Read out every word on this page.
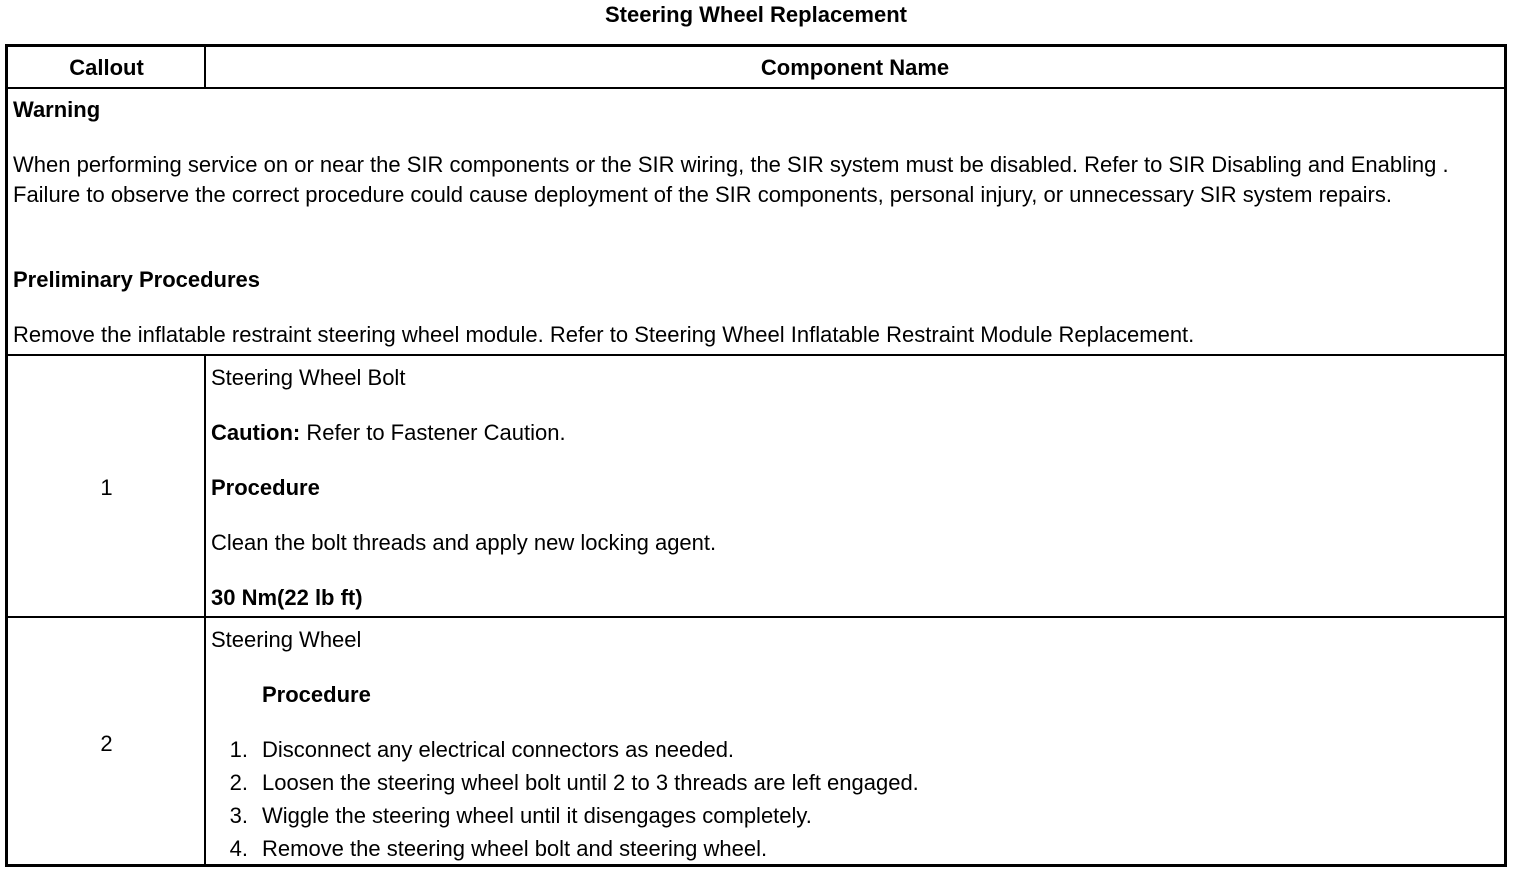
Steering Wheel Replacement
Callout	Component Name
Warning
When performing service on or near the SIR components or the SIR wiring, the SIR system must be disabled. Refer to SIR Disabling and Enabling . Failure to observe the correct procedure could cause deployment of the SIR components, personal injury, or unnecessary SIR system repairs.
Preliminary Procedures
Remove the inflatable restraint steering wheel module. Refer to Steering Wheel Inflatable Restraint Module Replacement.
1
Steering Wheel Bolt
Caution: Refer to Fastener Caution.
Procedure
Clean the bolt threads and apply new locking agent.
30 Nm(22 lb ft)
2
Steering Wheel
Procedure
1. Disconnect any electrical connectors as needed.
2. Loosen the steering wheel bolt until 2 to 3 threads are left engaged.
3. Wiggle the steering wheel until it disengages completely.
4. Remove the steering wheel bolt and steering wheel.
